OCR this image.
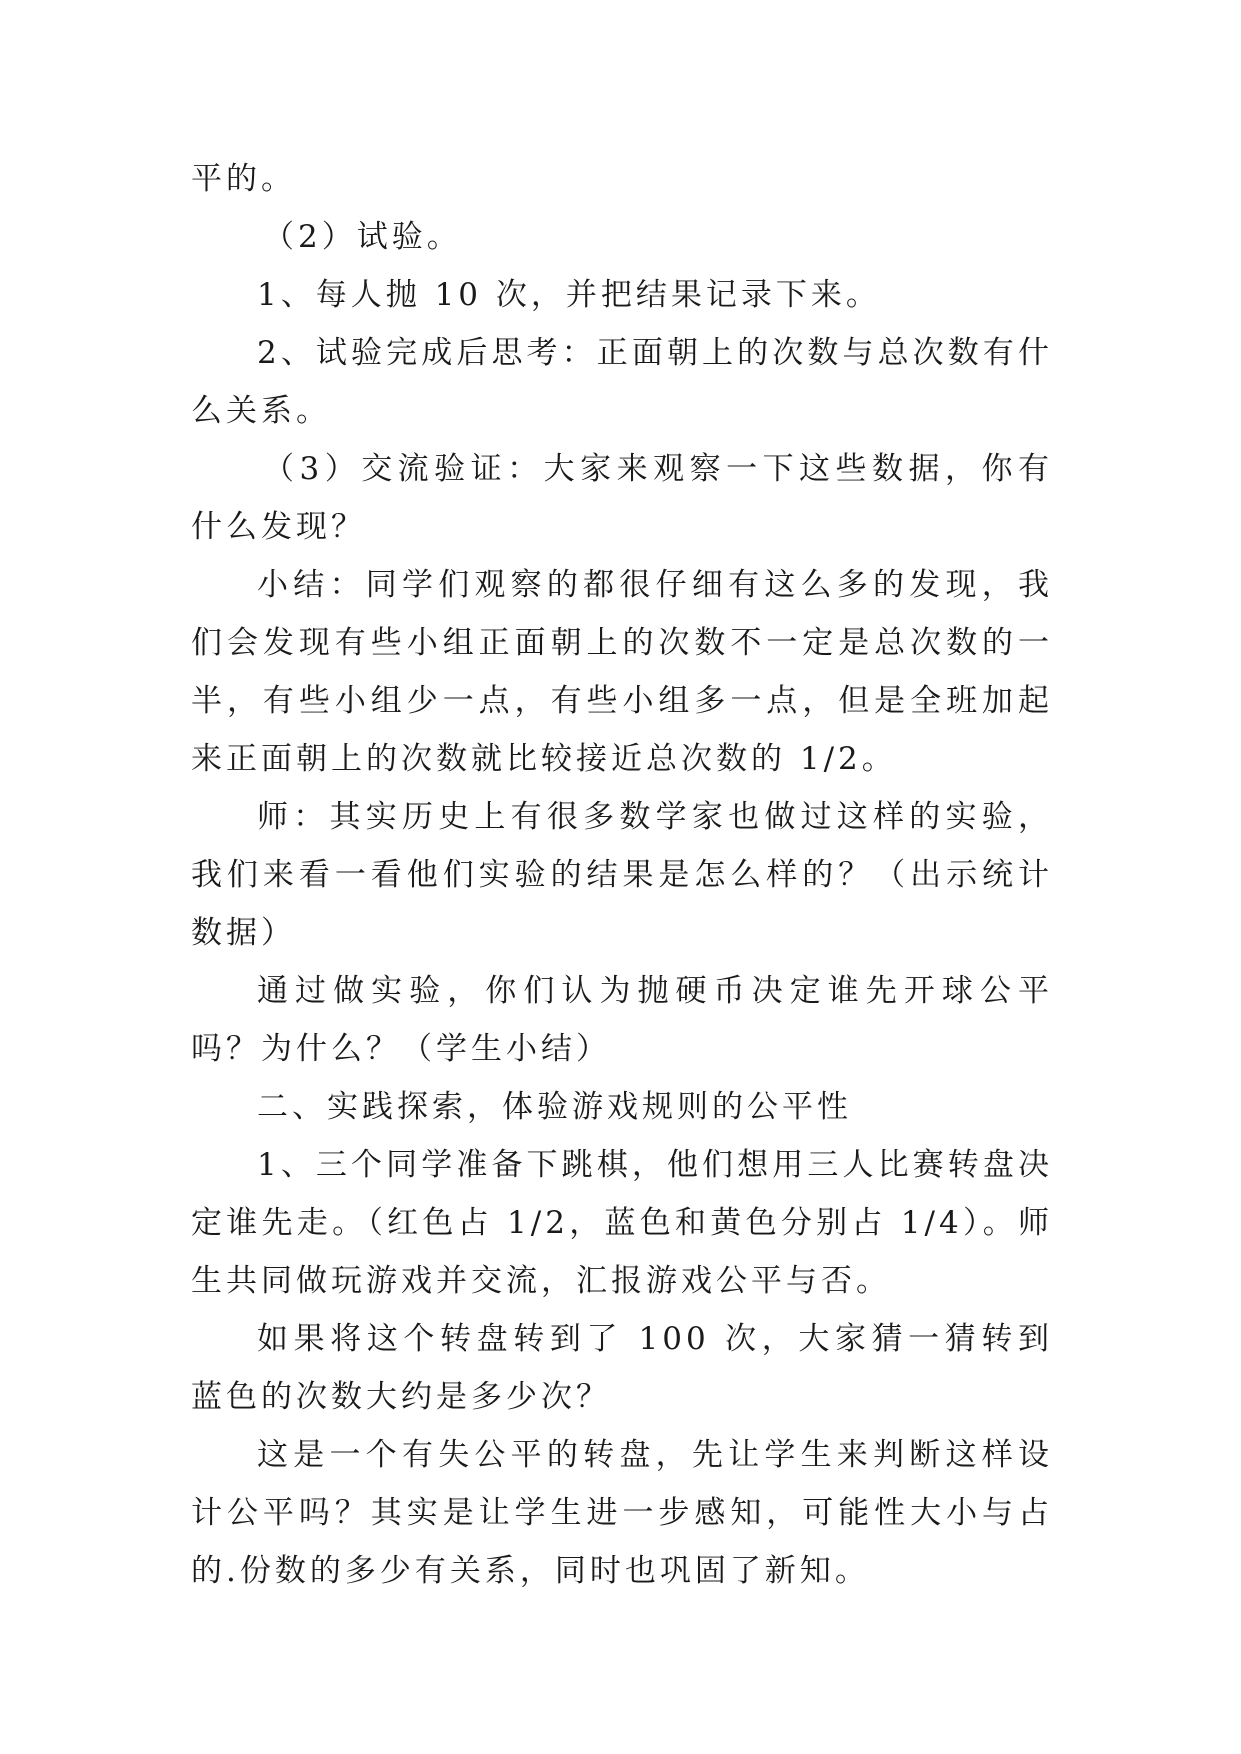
平的。

（2）试验。

1、每人抛 10 次，并把结果记录下来。

2、试验完成后思考：正面朝上的次数与总次数有什么关系。

（3）交流验证：大家来观察一下这些数据，你有什么发现？

小结：同学们观察的都很仔细有这么多的发现，我们会发现有些小组正面朝上的次数不一定是总次数的一半，有些小组少一点，有些小组多一点，但是全班加起来正面朝上的次数就比较接近总次数的 1/2。

师：其实历史上有很多数学家也做过这样的实验，我们来看一看他们实验的结果是怎么样的？（出示统计数据）

通过做实验，你们认为抛硬币决定谁先开球公平吗？为什么？（学生小结）

二、实践探索，体验游戏规则的公平性

1、三个同学准备下跳棋，他们想用三人比赛转盘决定谁先走。（红色占 1/2，蓝色和黄色分别占 1/4）。师生共同做玩游戏并交流，汇报游戏公平与否。

如果将这个转盘转到了 100 次，大家猜一猜转到蓝色的次数大约是多少次？

这是一个有失公平的转盘，先让学生来判断这样设计公平吗？其实是让学生进一步感知，可能性大小与占的.份数的多少有关系，同时也巩固了新知。
